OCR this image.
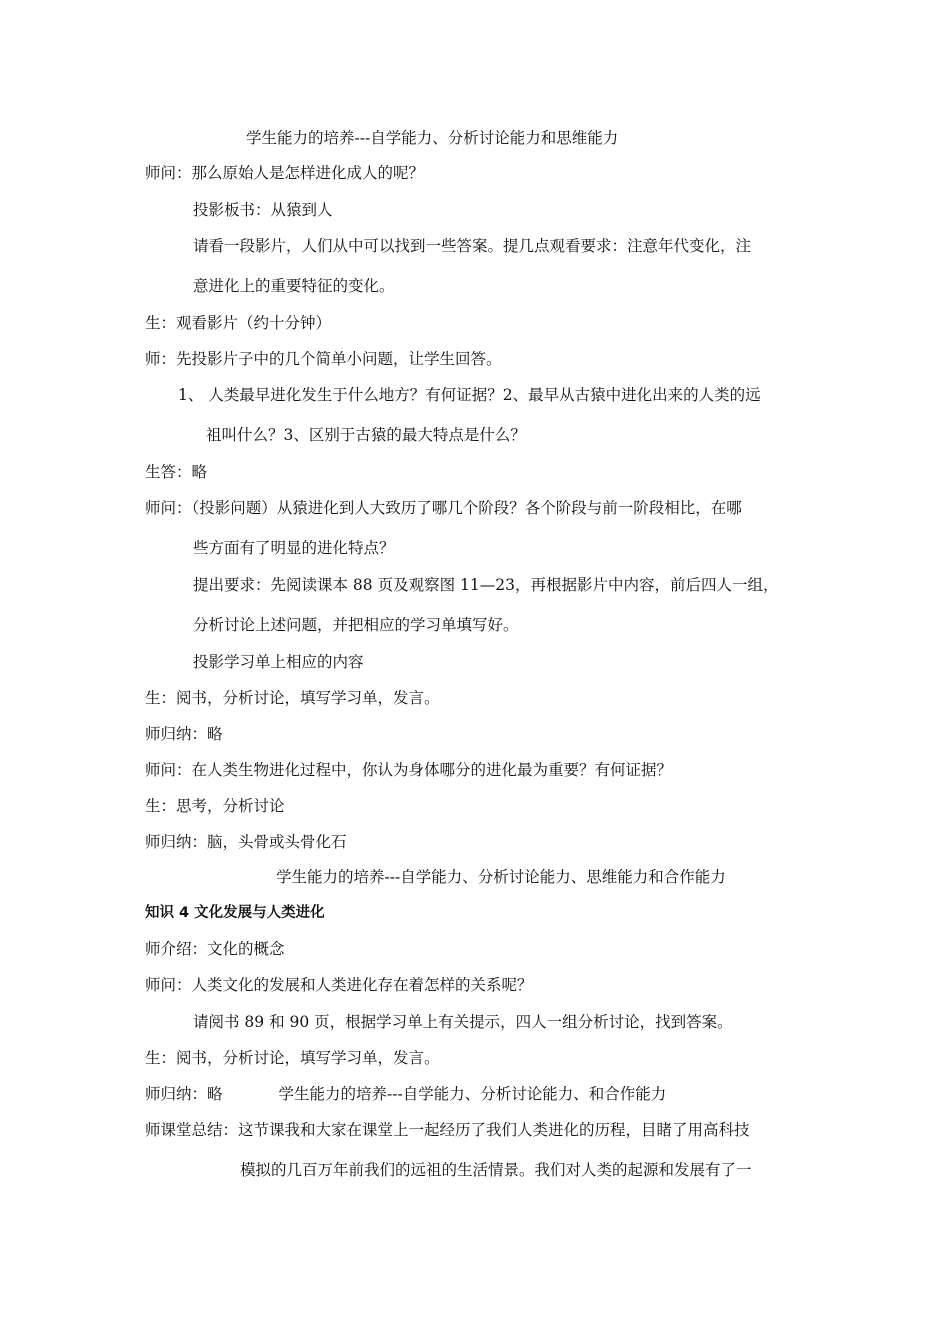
学生能力的培养---自学能力、分析讨论能力和思维能力
师问：那么原始人是怎样进化成人的呢？
投影板书：从猿到人
请看一段影片，人们从中可以找到一些答案。提几点观看要求：注意年代变化，注
意进化上的重要特征的变化。
生：观看影片（约十分钟）
师：先投影片子中的几个简单小问题，让学生回答。
1、 人类最早进化发生于什么地方？有何证据？2、最早从古猿中进化出来的人类的远
祖叫什么？3、区别于古猿的最大特点是什么？
生答：略
师问：（投影问题）从猿进化到人大致历了哪几个阶段？各个阶段与前一阶段相比，在哪
些方面有了明显的进化特点？
提出要求：先阅读课本 88 页及观察图 11—23，再根据影片中内容，前后四人一组，
分析讨论上述问题，并把相应的学习单填写好。
投影学习单上相应的内容
生：阅书，分析讨论，填写学习单，发言。
师归纳：略
师问：在人类生物进化过程中，你认为身体哪分的进化最为重要？有何证据？
生：思考，分析讨论
师归纳：脑，头骨或头骨化石
学生能力的培养---自学能力、分析讨论能力、思维能力和合作能力
知识 4 文化发展与人类进化
师介绍：文化的概念
师问：人类文化的发展和人类进化存在着怎样的关系呢？
请阅书 89 和 90 页，根据学习单上有关提示，四人一组分析讨论，找到答案。
生：阅书，分析讨论，填写学习单，发言。
师归纳：略	学生能力的培养---自学能力、分析讨论能力、和合作能力
师课堂总结：这节课我和大家在课堂上一起经历了我们人类进化的历程，目睹了用高科技
模拟的几百万年前我们的远祖的生活情景。我们对人类的起源和发展有了一
